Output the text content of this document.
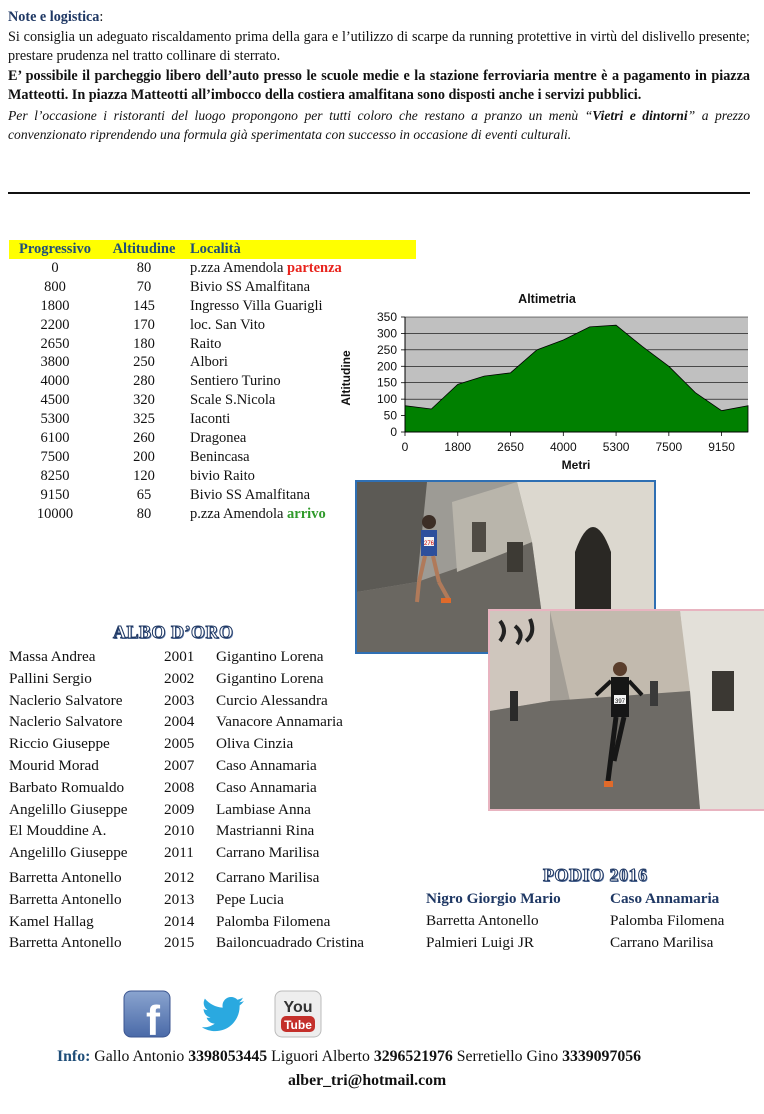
Note e logistica:

Si consiglia un adeguato riscaldamento prima della gara e l’utilizzo di scarpe da running protettive in virtù del dislivello presente; prestare prudenza nel tratto collinare di sterrato.

E’ possibile il parcheggio libero dell’auto presso le scuole medie e la stazione ferroviaria mentre è a pagamento in piazza Matteotti. In piazza Matteotti all’imbocco della costiera amalfitana sono disposti anche i servizi pubblici.

Per l’occasione i ristoranti del luogo propongono per tutti coloro che restano a pranzo un menù “Vietri e dintorni” a prezzo convenzionato riprendendo una formula già sperimentata con successo in occasione di eventi culturali.

Progressivo	Altitudine	Località
0	80	p.zza Amendola partenza
800	70	Bivio SS Amalfitana
1800	145	Ingresso Villa Guarigli
2200	170	loc. San Vito
2650	180	Raito
3800	250	Albori
4000	280	Sentiero Turino
4500	320	Scale S.Nicola
5300	325	Iaconti
6100	260	Dragonea
7500	200	Benincasa
8250	120	bivio Raito
9150	65	Bivio SS Amalfitana
10000	80	p.zza Amendola arrivo
Altimetria
Altitudine
Metri
0
50
100
150
200
250
300
350
0	1800 2650 4000 5300 7500 9150
276
397
ALBO D’ORO
Massa Andrea	2001	Gigantino Lorena
Pallini Sergio	2002	Gigantino Lorena
Naclerio Salvatore	2003	Curcio Alessandra
Naclerio Salvatore	2004	Vanacore Annamaria
Riccio Giuseppe	2005	Oliva Cinzia
Mourid Morad	2007	Caso Annamaria
Barbato Romualdo	2008	Caso Annamaria
Angelillo Giuseppe	2009	Lambiase Anna
El Mouddine A.	2010	Mastrianni Rina
Angelillo Giuseppe	2011	Carrano Marilisa
Barretta Antonello	2012	Carrano Marilisa
Barretta Antonello	2013	Pepe Lucia
Kamel Hallag	2014	Palomba Filomena
Barretta Antonello	2015	Bailoncuadrado Cristina
PODIO 2016
Nigro Giorgio Mario	Caso Annamaria
Barretta Antonello	Palomba Filomena
Palmieri Luigi JR	Carrano Marilisa
f	You
Tube
Info: Gallo Antonio 3398053445 Liguori Alberto 3296521976 Serretiello Gino 3339097056
alber_tri@hotmail.com
